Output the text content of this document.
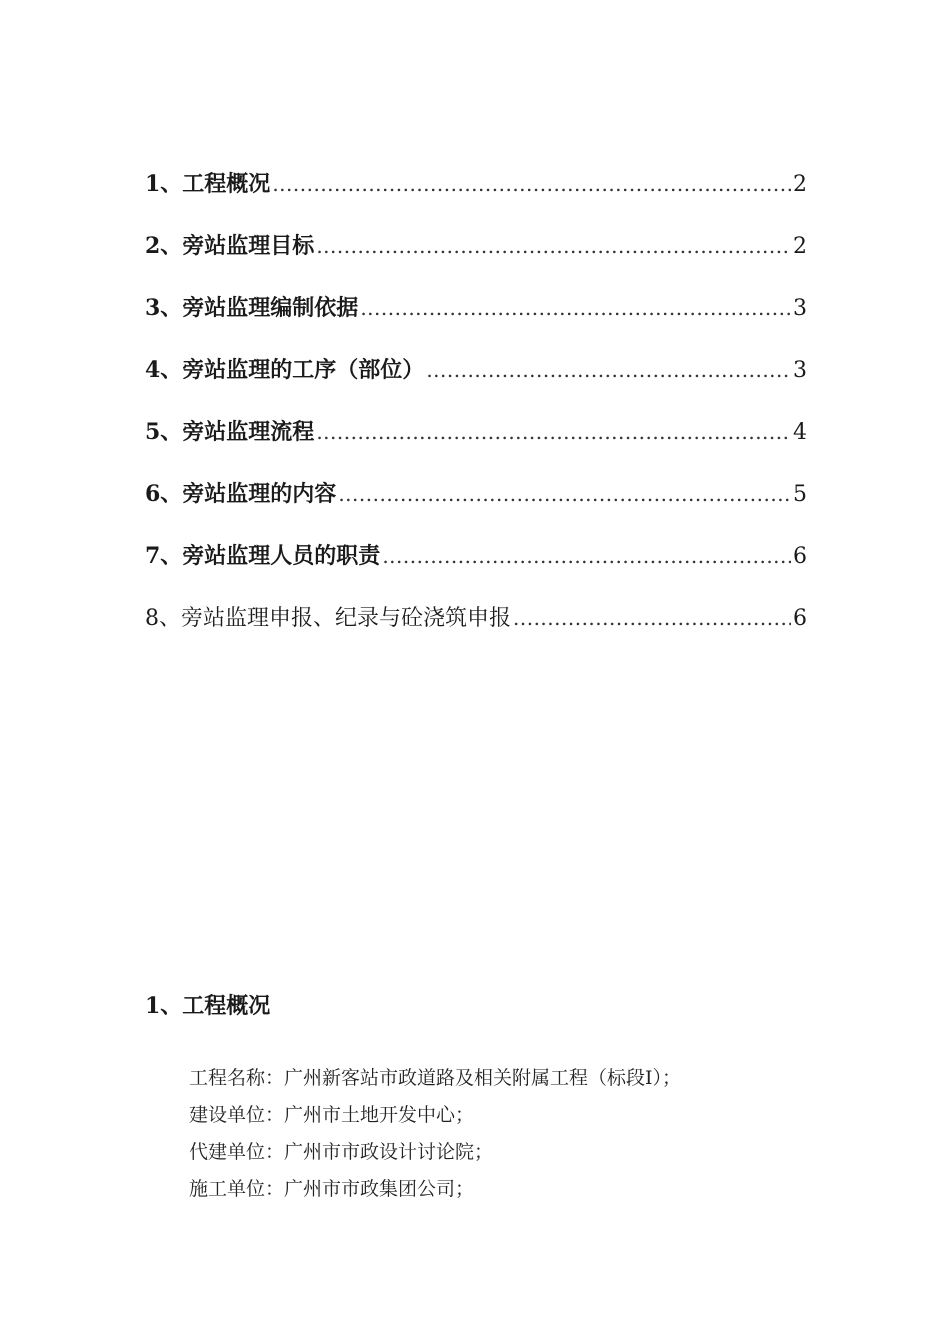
1、工程概况 .....	2
2、旁站监理目标 .....	2
3、旁站监理编制依据 .....	3
4、旁站监理的工序（部位） .....	3
5、旁站监理流程 .....	4
6、旁站监理的内容 .....	5
7、旁站监理人员的职责 .....	6
8、旁站监理申报、纪录与砼浇筑申报 .....	6
1、工程概况
工程名称：广州新客站市政道路及相关附属工程（标段Ⅰ）；
建设单位：广州市土地开发中心；
代建单位：广州市市政设计讨论院；
施工单位：广州市市政集团公司；
